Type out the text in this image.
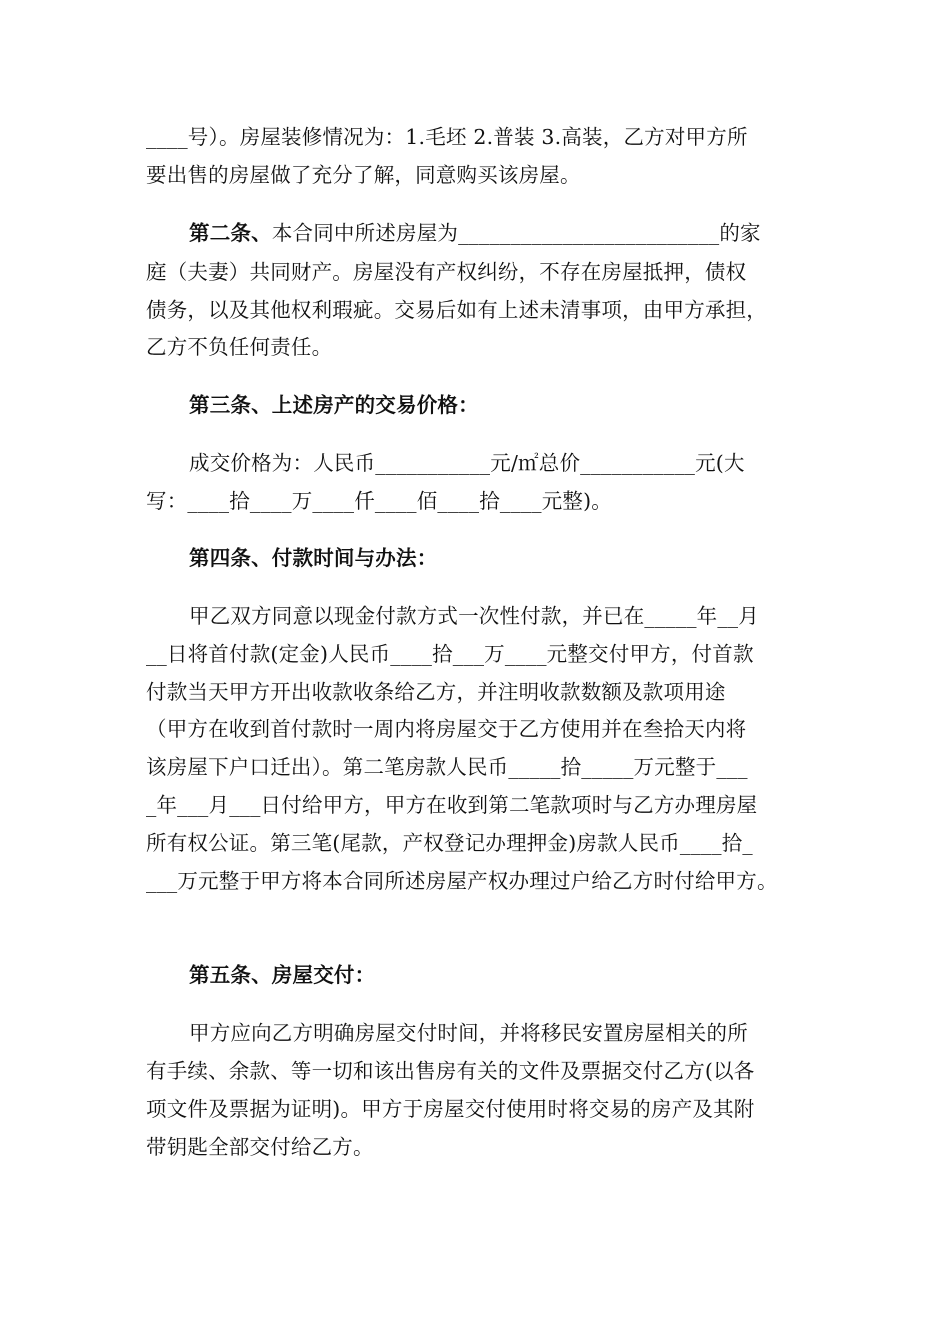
____号）。房屋装修情况为：1.毛坯 2.普装 3.高装，乙方对甲方所
要出售的房屋做了充分了解，同意购买该房屋。
第二条、本合同中所述房屋为_________________________的家
庭（夫妻）共同财产。房屋没有产权纠纷，不存在房屋抵押，债权
债务，以及其他权利瑕疵。交易后如有上述未清事项，由甲方承担，
乙方不负任何责任。
第三条、上述房产的交易价格：
成交价格为：人民币___________元/㎡总价___________元(大
写：____拾____万____仟____佰____拾____元整)。
第四条、付款时间与办法：
甲乙双方同意以现金付款方式一次性付款，并已在_____年__月
__日将首付款(定金)人民币____拾___万____元整交付甲方，付首款
付款当天甲方开出收款收条给乙方，并注明收款数额及款项用途
（甲方在收到首付款时一周内将房屋交于乙方使用并在叁拾天内将
该房屋下户口迁出）。第二笔房款人民币_____拾_____万元整于___
_年___月___日付给甲方，甲方在收到第二笔款项时与乙方办理房屋
所有权公证。第三笔(尾款，产权登记办理押金)房款人民币____拾_
___万元整于甲方将本合同所述房屋产权办理过户给乙方时付给甲方。
第五条、房屋交付：
甲方应向乙方明确房屋交付时间，并将移民安置房屋相关的所
有手续、余款、等一切和该出售房有关的文件及票据交付乙方(以各
项文件及票据为证明)。甲方于房屋交付使用时将交易的房产及其附
带钥匙全部交付给乙方。
